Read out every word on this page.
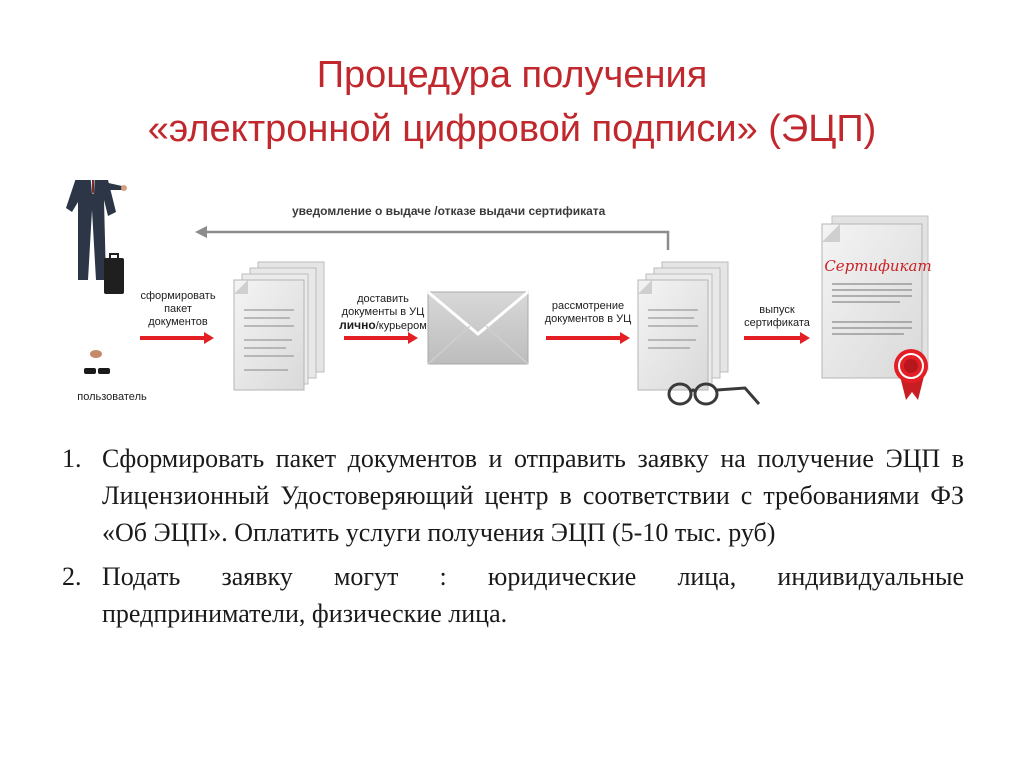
Процедура получения
«электронной цифровой подписи» (ЭЦП)
уведомление о выдаче /отказе выдачи сертификата
пользователь
сформировать
пакет
документов
доставить
документы в УЦ
лично/курьером
рассмотрение
документов в УЦ
выпуск
сертификата
Сертификат
1. Сформировать пакет документов и отправить заявку на получение ЭЦП в Лицензионный Удостоверяющий центр в соответствии с требованиями ФЗ «Об ЭЦП». Оплатить услуги получения ЭЦП (5-10 тыс. руб)
2. Подать заявку могут : юридические лица, индивидуальные предприниматели, физические лица.
